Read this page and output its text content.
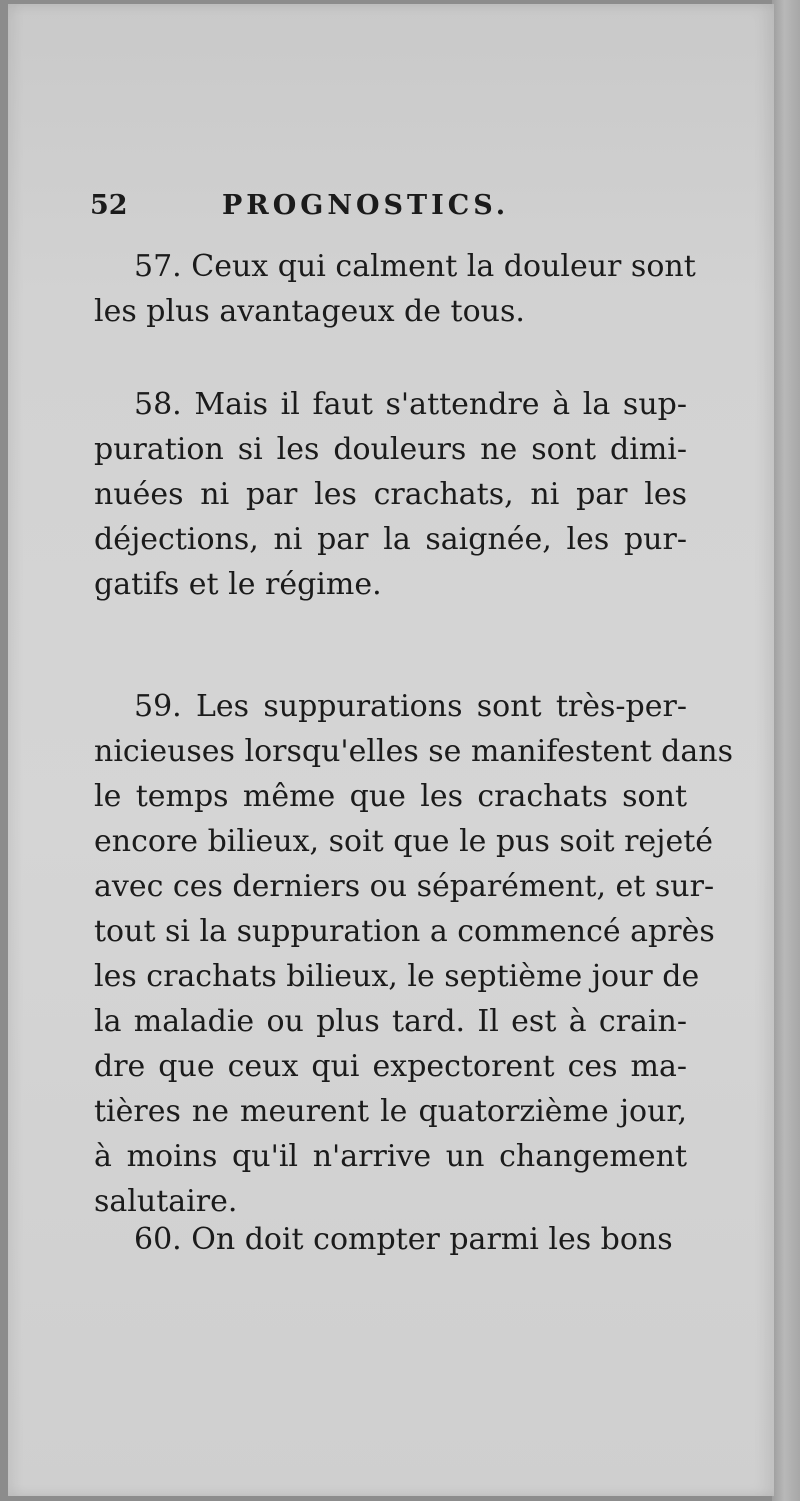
52	PROGNOSTICS.
57. Ceux qui calment la douleur sont
les plus avantageux de tous.
58. Mais il faut s'attendre à la sup-
puration si les douleurs ne sont dimi-
nuées ni par les crachats, ni par les
déjections, ni par la saignée, les pur-
gatifs et le régime.
59. Les suppurations sont très-per-
nicieuses lorsqu'elles se manifestent dans
le temps même que les crachats sont
encore bilieux, soit que le pus soit rejeté
avec ces derniers ou séparément, et sur-
tout si la suppuration a commencé après
les crachats bilieux, le septième jour de
la maladie ou plus tard. Il est à crain-
dre que ceux qui expectorent ces ma-
tières ne meurent le quatorzième jour,
à moins qu'il n'arrive un changement
salutaire.
60. On doit compter parmi les bons
